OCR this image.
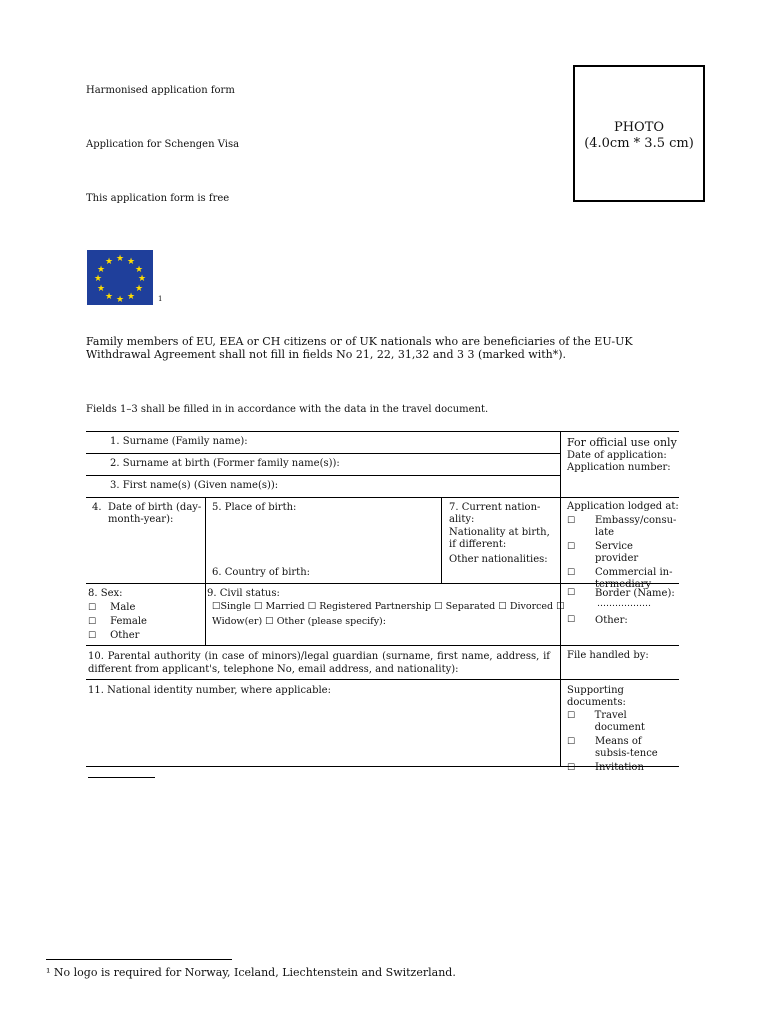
Harmonised application form
Application for Schengen Visa
This application form is free
PHOTO
(4.0cm * 3.5 cm)
★ ★
★
★
★
★
★
★
★
★
★
★
1
Family members of EU, EEA or CH citizens or of UK nationals who are beneficiaries of the EU-UK Withdrawal Agreement shall not fill in fields No 21, 22, 31,32 and 3 3 (marked with*).
Fields 1–3 shall be filled in in accordance with the data in the travel document.
1. Surname (Family name):
2. Surname at birth (Former family name(s)):
3. First name(s) (Given name(s)):
4. Date of birth (day-month-year):
5. Place of birth:
6. Country of birth:
7. Current nation-ality:
Nationality at birth, if different:
Other nationalities:
8. Sex:
☐ Male
☐ Female
☐ Other
9. Civil status:
☐Single ☐ Married ☐ Registered Partnership ☐ Separated ☐ Divorced ☐
Widow(er) ☐ Other (please specify):
10. Parental authority (in case of minors)/legal guardian (surname, first name, address, if different from applicant's, telephone No, email address, and nationality):
11. National identity number, where applicable:
For official use only
Date of application:
Application number:
Application lodged at:
☐	Embassy/consu-late
☐	Service provider
☐	Commercial in-termediary
☐	Border (Name):
………………
☐	Other:
File handled by:
Supporting documents:
☐	Travel document
☐	Means of subsis-tence
☐	Invitation
¹ No logo is required for Norway, Iceland, Liechtenstein and Switzerland.
